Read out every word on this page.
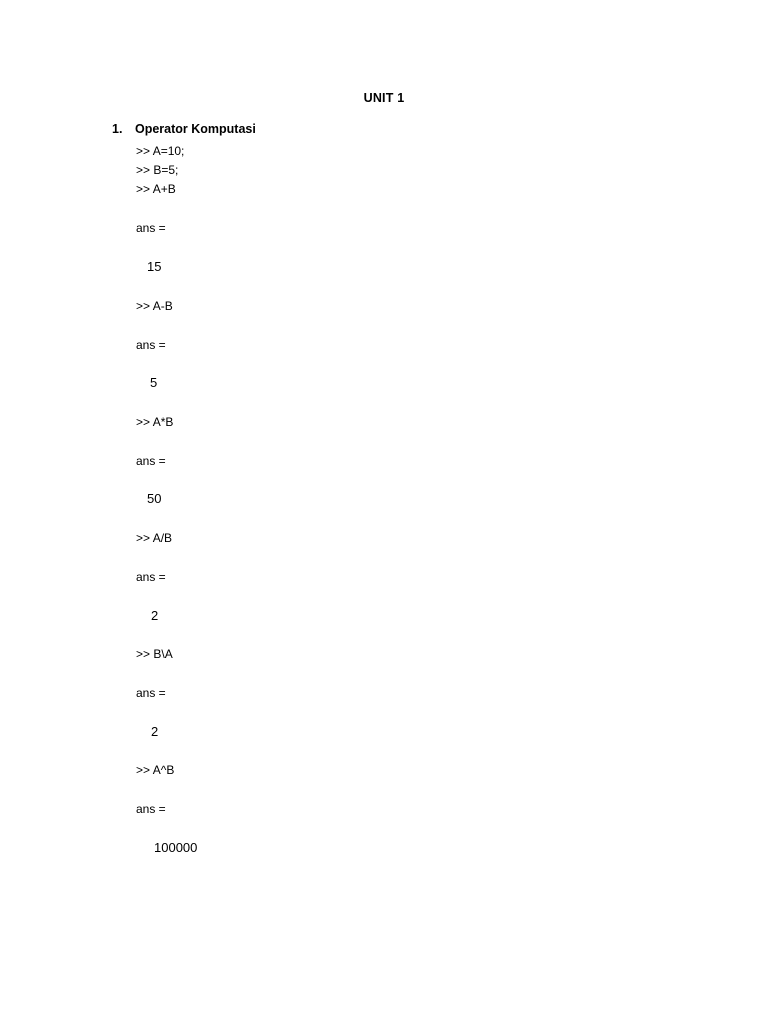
UNIT 1
1. Operator Komputasi
>> A=10;
>> B=5;
>> A+B
ans =
15
>> A-B
ans =
5
>> A*B
ans =
50
>> A/B
ans =
2
>> B\A
ans =
2
>> A^B
ans =
100000
